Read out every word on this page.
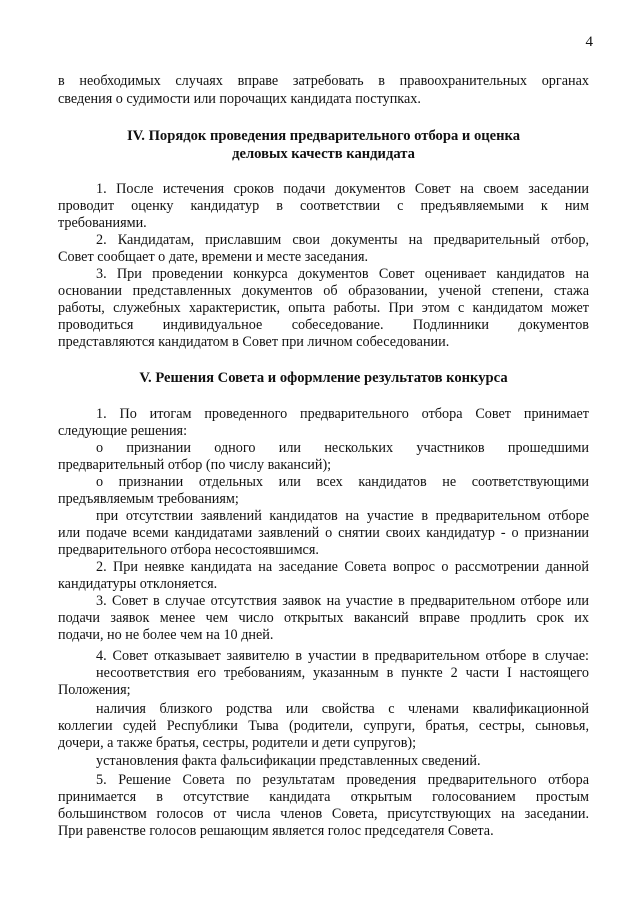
4
в необходимых случаях вправе затребовать в правоохранительных органах
сведения о судимости или порочащих кандидата поступках.
IV. Порядок проведения предварительного отбора и оценка
деловых качеств кандидата
1. После истечения сроков подачи документов Совет на своем заседании
проводит оценку кандидатур в соответствии с предъявляемыми к ним
требованиями.
2. Кандидатам, приславшим свои документы на предварительный отбор,
Совет сообщает о дате, времени и месте заседания.
3. При проведении конкурса документов Совет оценивает кандидатов на
основании представленных документов об образовании, ученой степени, стажа
работы, служебных характеристик, опыта работы. При этом с кандидатом может
проводиться индивидуальное собеседование. Подлинники документов
представляются кандидатом в Совет при личном собеседовании.
V. Решения Совета и оформление результатов конкурса
1. По итогам проведенного предварительного отбора Совет принимает
следующие решения:
о признании одного или нескольких участников прошедшими
предварительный отбор (по числу вакансий);
о признании отдельных или всех кандидатов не соответствующими
предъявляемым требованиям;
при отсутствии заявлений кандидатов на участие в предварительном отборе
или подаче всеми кандидатами заявлений о снятии своих кандидатур - о признании
предварительного отбора несостоявшимся.
2. При неявке кандидата на заседание Совета вопрос о рассмотрении данной
кандидатуры отклоняется.
3. Совет в случае отсутствия заявок на участие в предварительном отборе или
подачи заявок менее чем число открытых вакансий вправе продлить срок их
подачи, но не более чем на 10 дней.
4. Совет отказывает заявителю в участии в предварительном отборе в случае:
несоответствия его требованиям, указанным в пункте 2 части I настоящего
Положения;
наличия близкого родства или свойства с членами квалификационной
коллегии судей Республики Тыва (родители, супруги, братья, сестры, сыновья,
дочери, а также братья, сестры, родители и дети супругов);
установления факта фальсификации представленных сведений.
5. Решение Совета по результатам проведения предварительного отбора
принимается в отсутствие кандидата открытым голосованием простым
большинством голосов от числа членов Совета, присутствующих на заседании.
При равенстве голосов решающим является голос председателя Совета.
